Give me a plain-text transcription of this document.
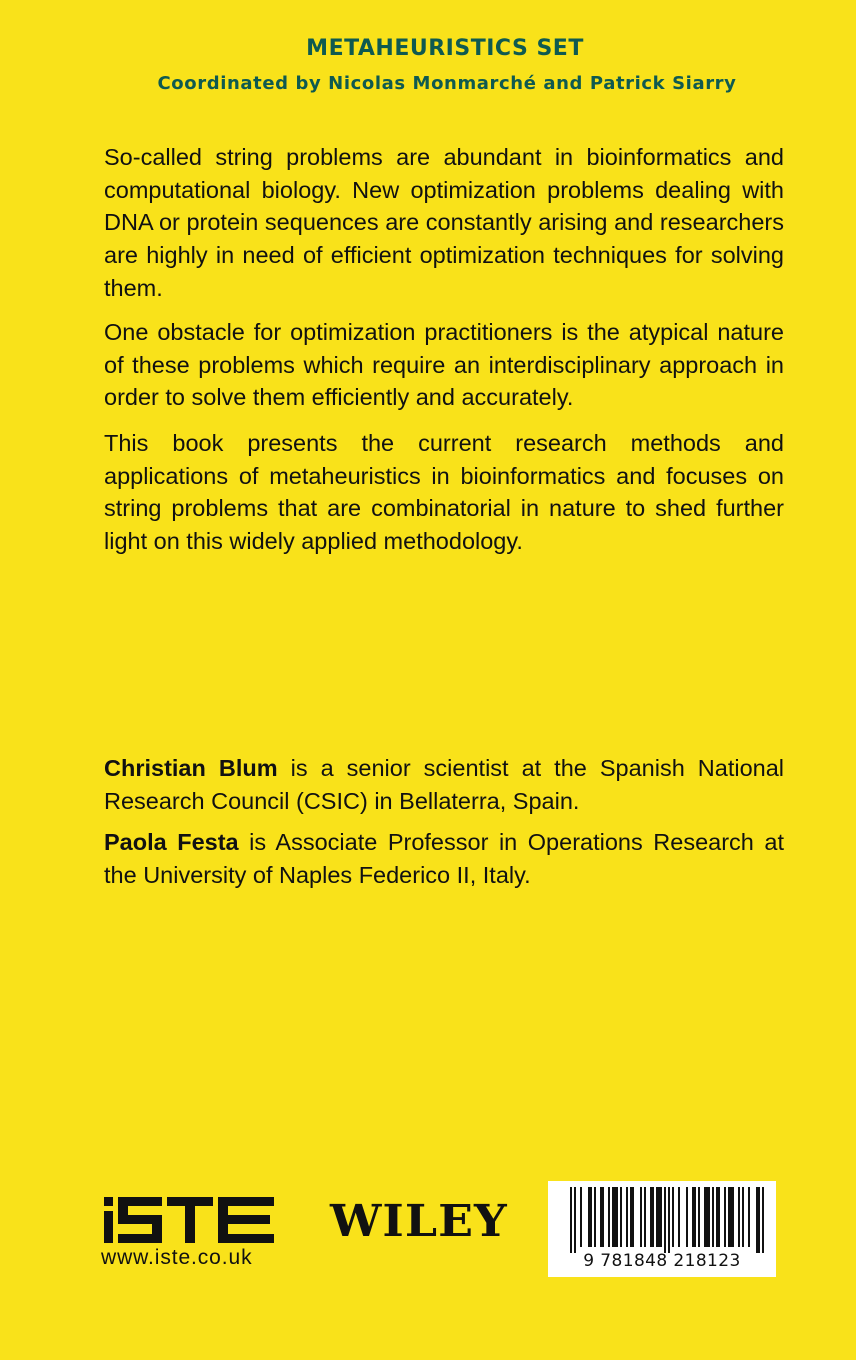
METAHEURISTICS SET
Coordinated by Nicolas Monmarché and Patrick Siarry

So-called string problems are abundant in bioinformatics and computational biology. New optimization problems dealing with DNA or protein sequences are constantly arising and researchers are highly in need of efficient optimization techniques for solving them.

One obstacle for optimization practitioners is the atypical nature of these problems which require an interdisciplinary approach in order to solve them efficiently and accurately.

This book presents the current research methods and applications of metaheuristics in bioinformatics and focuses on string problems that are combinatorial in nature to shed further light on this widely applied methodology.

Christian Blum is a senior scientist at the Spanish National Research Council (CSIC) in Bellaterra, Spain.

Paola Festa is Associate Professor in Operations Research at the University of Naples Federico II, Italy.

www.iste.co.uk
WILEY
9 781848 218123
